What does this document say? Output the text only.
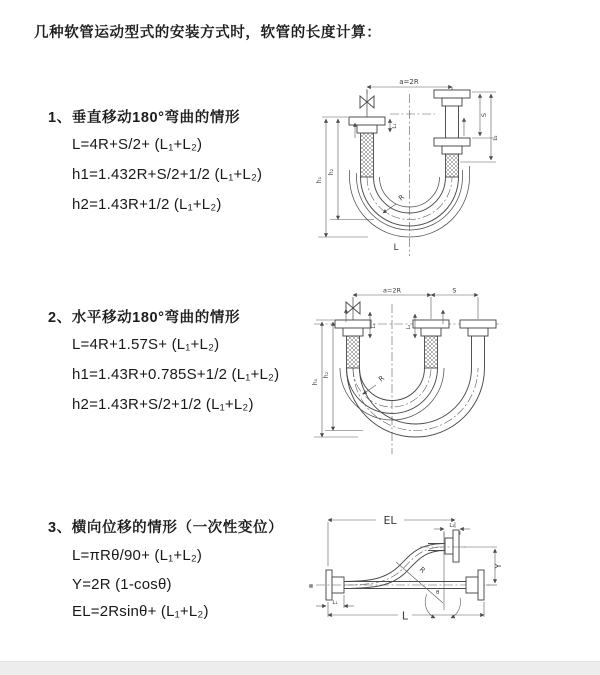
几种软管运动型式的安装方式时，软管的长度计算：
1、垂直移动180°弯曲的情形
L=4R+S/2+ (L₁+L₂)
h1=1.432R+S/2+1/2 (L₁+L₂)
h2=1.43R+1/2 (L₁+L₂)
a=2R
S
L₂
h₁
h₂
L₁
R
L
2、水平移动180°弯曲的情形
L=4R+1.57S+ (L₁+L₂)
h1=1.43R+0.785S+1/2 (L₁+L₂)
h2=1.43R+S/2+1/2 (L₁+L₂)
a=2R	S
L₁	L₂
h₁
h₂	R
3、横向位移的情形（一次性变位）
L=πRθ/90+ (L₁+L₂)
Y=2R (1-cosθ)
EL=2Rsinθ+ (L₁+L₂)
EL	L₂
Y
⊗
θ
R
L
L₁
